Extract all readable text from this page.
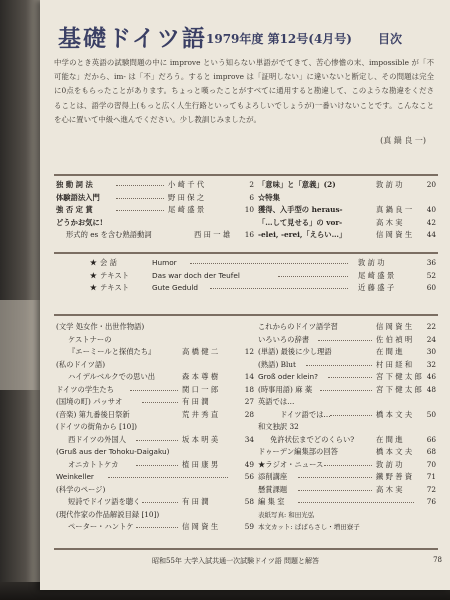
基礎ドイツ語 1979年度 第12号(4月号) 目次

中学のとき英語の試験問題の中に improve という知らない単語がでてきて、苦心惨憺の末、impossible が「不可能な」だから、im- は「不」だろう。すると improve は「証明しない」に違いないと断定し、その問題は完全に0点をもらったことがあります。ちょっと嘆ったことがすべてに通用すると勘違して、このような勘違をくださることは、語学の習得上(もっと広く人生行路といってもよろしいでしょうが)一番いけないことです。こんなことを心に置いて中級へ進んでください。少し教訓じみましたが。

(真 鍋 良 一)
独 動 詞 法	小 崎 千 代	2
体験語法入門	野 田 保 之	6
強 否 定 賞	尾 崎 盛 景	10
どうかお気に!
形式的 es を含む熟語動詞	西 田 一 雄	16
「意味」と「意義」(2)	敦 訪 功	20
☆特集
獲得、入手型の heraus-	真 鍋 良 一	40
「…して見せる」の vor-	高 木 実	42
-elei, -erei,「えらい…」	信 岡 資 生	44
★ 会 話	Humor	敦 訪 功	36
★ テキスト	Das war doch der Teufel	尾 崎 盛 景	52
★ テキスト	Gute Geduld	近 藤 盛 子	60
(文学 処女作・出世作物語)
ケストナーの
『エーミールと探偵たち』	高 橋 健 二	12
(私のドイツ語)
ハイデルベルクでの思い出	森 本 尊 樹	14
ドイツの学生たち	関 口 一 郎	18
(国境の町) パッサオ	有 田 潤	27
(音楽) 第九番後日祭新	荒 井 秀 直	28
(ドイツの街角から [10])
西ドイツの外国人	坂 本 明 美	34
(Gruß aus der Tohoku-Daigaku)
オニカトトケカ	植 田 康 男	49
Weinkeller	56
(科学のページ)
短詩でドイツ語を聴く	有 田 潤	58
(現代作家の作品解説目録 [10])
ペーター・ハントケ	信 岡 資 生	59
これからのドイツ語学習	信 岡 資 生	22
いろいろの辞書	佐 伯 禎 明	24
(単語) 最後に少し理語	在 間 進	30
(熟語) Blut	村 田 経 和	32
Groß oder klein?	宮 下 健 太 郎 46
(時事用語) 麻 薬	宮 下 健 太 郎 48
英語では…
ドイツ語では…	橋 本 文 夫	50
和文独訳 32
免許状伝までどのくらい?	在 間 進	66
ドゥーデン編集部の回答	橋 本 文 夫	68
★ラジオ・ニュース	敦 訪 功	70
添削講座	鐵 野 善 資	71
懸賞課題	高 木 実	72
編 集 室	76
表紙写真: 和田光弘
本文カット: ぱばらさし・増田寮子
昭和55年 大学入試共通一次試験ドイツ語 問題と解答	78
